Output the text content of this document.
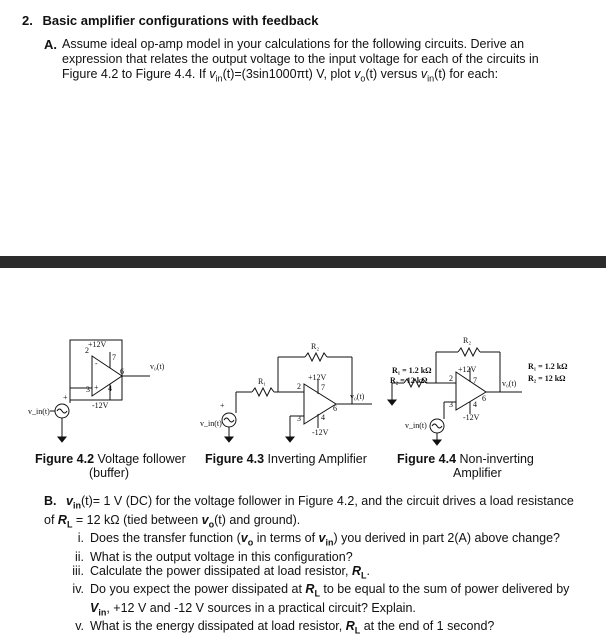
2. Basic amplifier configurations with feedback
A. Assume ideal op-amp model in your calculations for the following circuits. Derive an expression that relates the output voltage to the input voltage for each of the circuits in Figure 4.2 to Figure 4.4. If $v_{in}(t)=(3\sin 1000\pi t)$ V, plot $v_o(t)$ versus $v_{in}(t)$ for each:
+12V
2
7
-
+
6
3 4
v₀(t)
-12V
+
v_in(t)
R₂
R₁	+12V
2	7
6
3	4
-12V
v₀(t)
+
v_in(t)
R₂
R₁ = 1.2 kΩ
R₂ = 12 kΩ
R₁ = 1.2 kΩ
R₂ = 12 kΩ
+12V
2	7
6
3	4
-12V
v₀(t)
v_in(t)
Figure 4.2 Voltage follower
(buffer)
Figure 4.3 Inverting Amplifier Figure 4.4 Non-inverting
Amplifier
B. $v_{in}(t)= 1$ V (DC) for the voltage follower in Figure 4.2, and the circuit drives a load resistance of $R_L = 12$ kΩ (tied between $v_o(t)$ and ground).
i. Does the transfer function ($v_o$ in terms of $v_{in}$) you derived in part 2(A) above change?
ii. What is the output voltage in this configuration?
iii. Calculate the power dissipated at load resistor, $R_L$.
iv. Do you expect the power dissipated at $R_L$ to be equal to the sum of power delivered by $V_{in}$, +12 V and -12 V sources in a practical circuit? Explain.
v. What is the energy dissipated at load resistor, $R_L$ at the end of 1 second?
